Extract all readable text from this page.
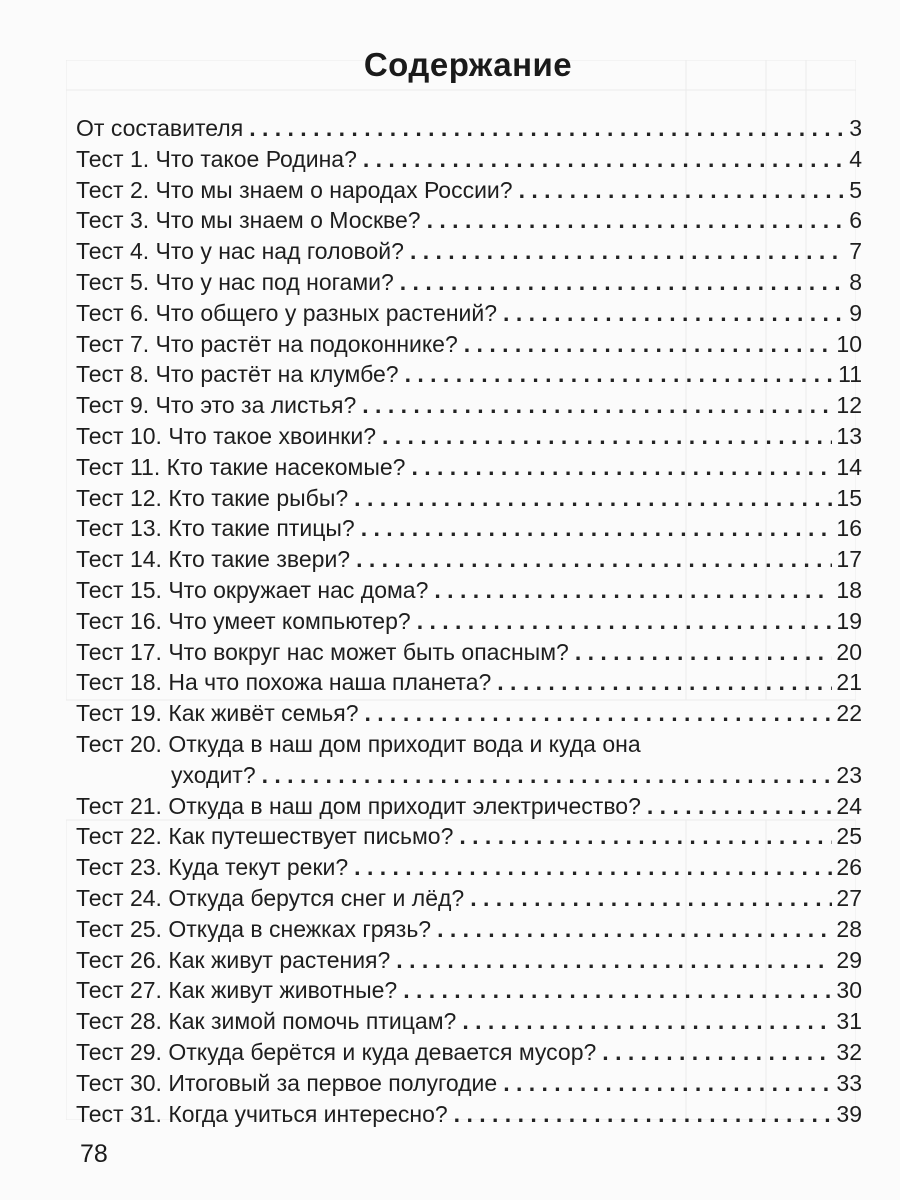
Содержание
От составителя . . .	3
Тест 1. Что такое Родина? . . .	4
Тест 2. Что мы знаем о народах России? . . .	5
Тест 3. Что мы знаем о Москве? . . .	6
Тест 4. Что у нас над головой? . . .	7
Тест 5. Что у нас под ногами? . . .	8
Тест 6. Что общего у разных растений? . . .	9
Тест 7. Что растёт на подоконнике? . . .	10
Тест 8. Что растёт на клумбе? . . .	11
Тест 9. Что это за листья? . . .	12
Тест 10. Что такое хвоинки? . . .	13
Тест 11. Кто такие насекомые? . . .	14
Тест 12. Кто такие рыбы? . . .	15
Тест 13. Кто такие птицы? . . .	16
Тест 14. Кто такие звери? . . .	17
Тест 15. Что окружает нас дома? . . .	18
Тест 16. Что умеет компьютер? . . .	19
Тест 17. Что вокруг нас может быть опасным? . . .	20
Тест 18. На что похожа наша планета? . . .	21
Тест 19. Как живёт семья? . . .	22
Тест 20. Откуда в наш дом приходит вода и куда она
уходит? . . .	23
Тест 21. Откуда в наш дом приходит электричество? . . .	24
Тест 22. Как путешествует письмо? . . .	25
Тест 23. Куда текут реки? . . .	26
Тест 24. Откуда берутся снег и лёд? . . .	27
Тест 25. Откуда в снежках грязь? . . .	28
Тест 26. Как живут растения? . . .	29
Тест 27. Как живут животные? . . .	30
Тест 28. Как зимой помочь птицам? . . .	31
Тест 29. Откуда берётся и куда девается мусор? . . .	32
Тест 30. Итоговый за первое полугодие . . .	33
Тест 31. Когда учиться интересно? . . .	39
78
